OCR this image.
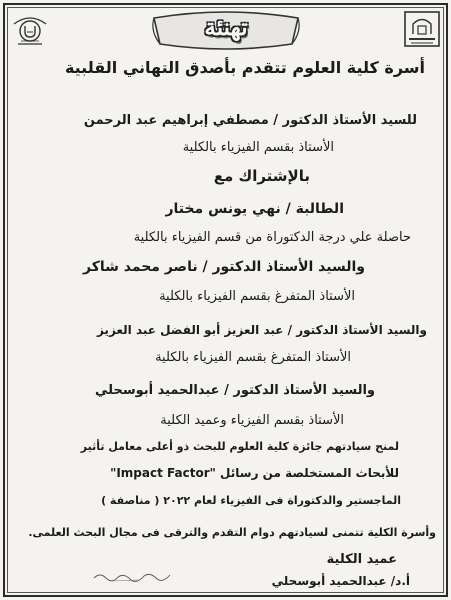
تهنئة
أسرة كلية العلوم تتقدم بأصدق التهاني القلبية
للسيد الأستاذ الدكتور / مصطفي إبراهيم عبد الرحمن
الأستاذ بقسم الفيزياء بالكلية
بالإشتراك مع
الطالبة / نهي يونس مختار
حاصلة علي درجة الدكتوراة من قسم الفيزياء بالكلية
والسيد الأستاذ الدكتور / ناصر محمد شاكر
الأستاذ المتفرغ بقسم الفيزياء بالكلية
والسيد الأستاذ الدكتور / عبد العزيز أبو الفضل عبد العزيز
الأستاذ المتفرغ بقسم الفيزياء بالكلية
والسيد الأستاذ الدكتور / عبدالحميد أبوسحلي
الأستاذ بقسم الفيزياء وعميد الكلية
لمنح سيادتهم جائزة كلية العلوم للبحث ذو أعلى معامل تأثير
"Impact Factor" للأبحاث المستخلصة من رسائل
الماجستير والدكتوراة فى الفيزياء لعام ٢٠٢٢ ( مناصفة )
وأسرة الكلية تتمنى لسيادتهم دوام التقدم والترقى فى مجال البحث العلمى.
عميد الكلية
أ.د/ عبدالحميد أبوسحلي
